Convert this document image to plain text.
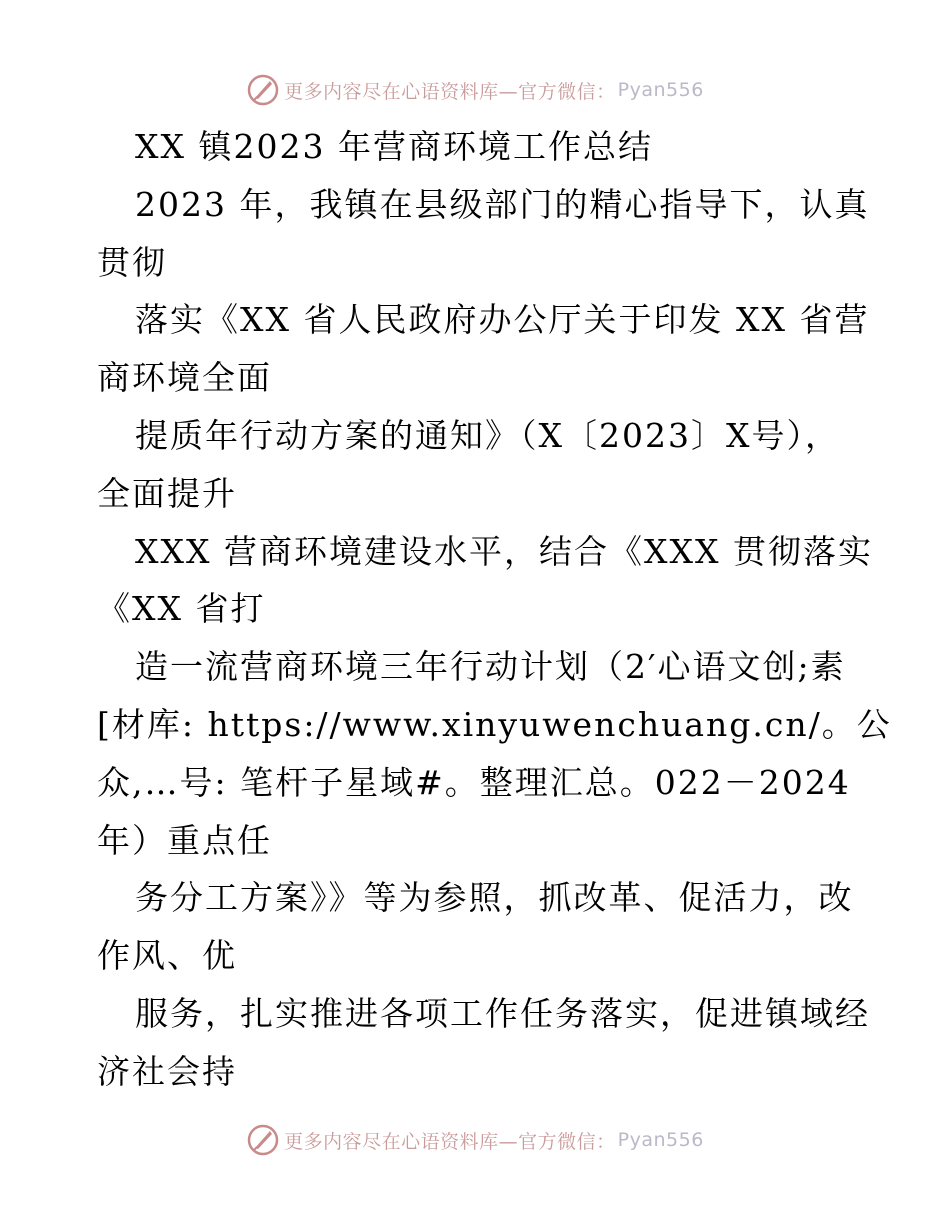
更多内容尽在心语资料库—官方微信： Pyan556
XX 镇2023 年营商环境工作总结
2023 年，我镇在县级部门的精心指导下，认真
贯彻
落实《XX 省人民政府办公厅关于印发 XX 省营
商环境全面
提质年行动方案的通知》（X〔2023〕X号），
全面提升
XXX 营商环境建设水平，结合《XXX 贯彻落实
《XX 省打
造一流营商环境三年行动计划（2′心语文创;素
[材库: https://www.xinyuwenchuang.cn/。公
众,…号: 笔杆子星域#。整理汇总。022－2024
年）重点任
务分工方案》》等为参照，抓改革、促活力，改
作风、优
服务，扎实推进各项工作任务落实，促进镇域经
济社会持
更多内容尽在心语资料库—官方微信： Pyan556
